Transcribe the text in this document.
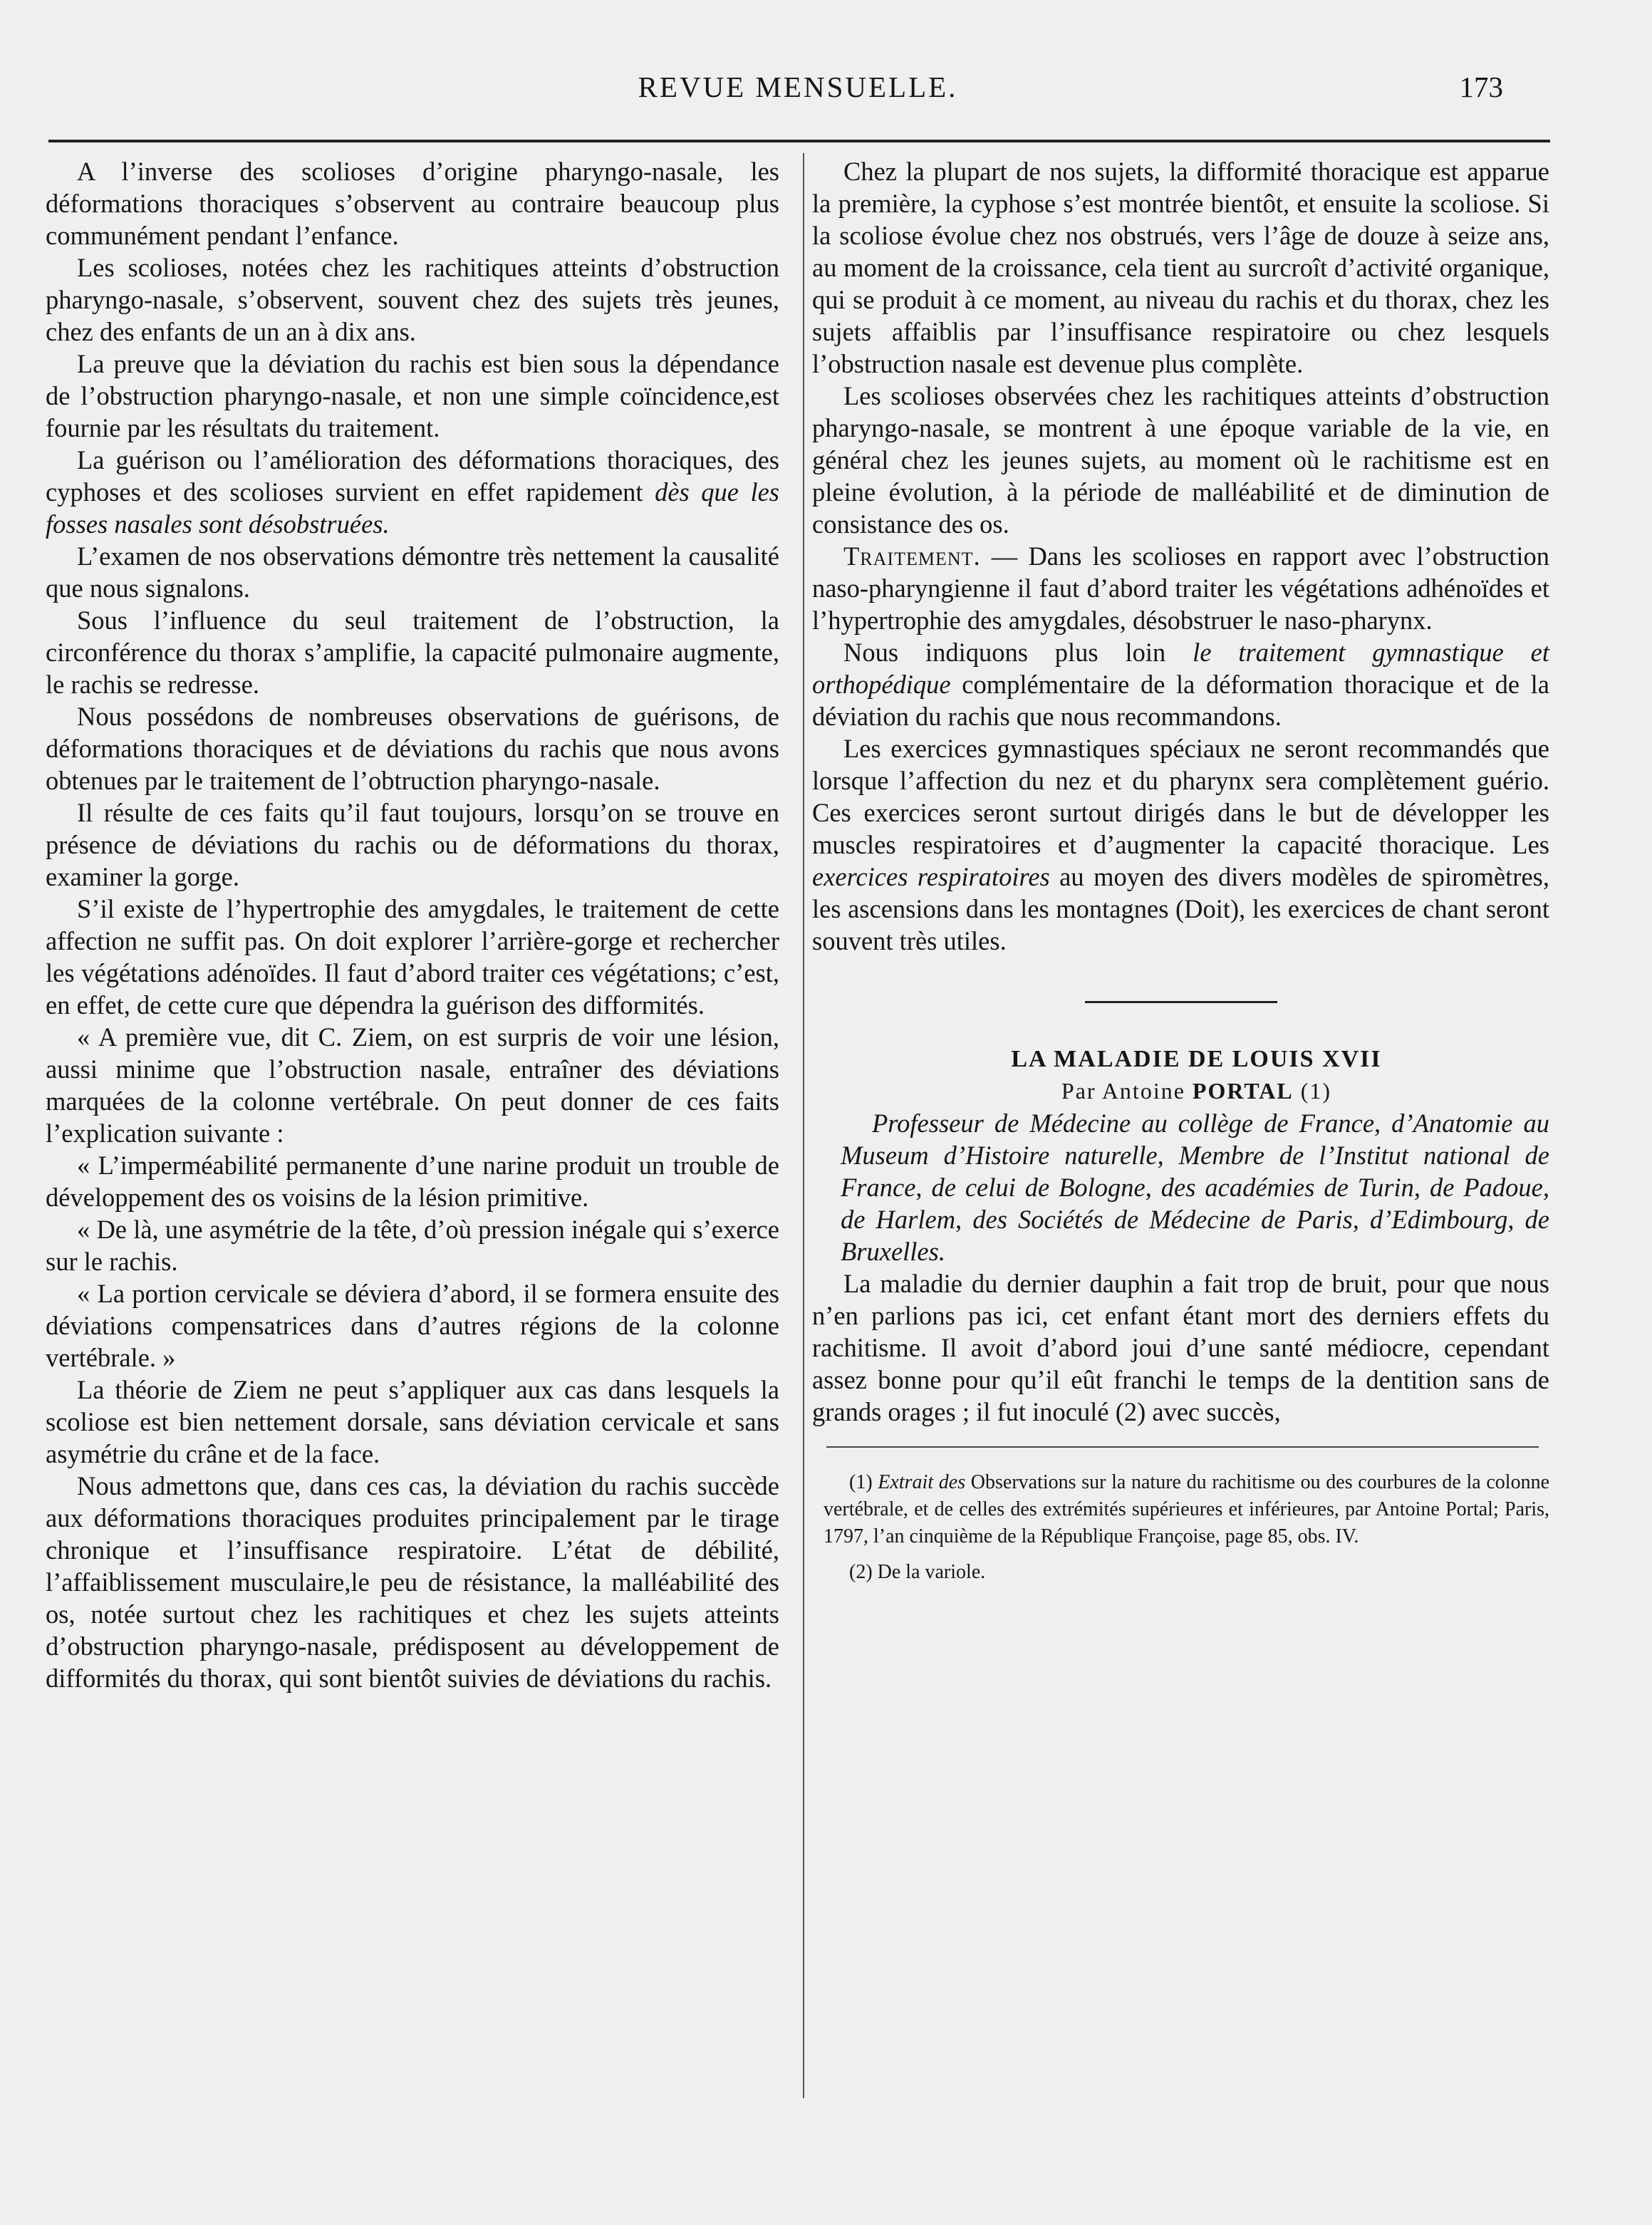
REVUE MENSUELLE.	173

A l’inverse des scolioses d’origine pharyngo-nasale, les déformations thoraciques s’observent au contraire beaucoup plus communément pendant l’enfance.

Les scolioses, notées chez les rachitiques atteints d’obstruction pharyngo-nasale, s’observent, souvent chez des sujets très jeunes, chez des enfants de un an à dix ans.

La preuve que la déviation du rachis est bien sous la dépendance de l’obstruction pharyngo-nasale, et non une simple coïncidence,est fournie par les résultats du traitement.

La guérison ou l’amélioration des déformations thoraciques, des cyphoses et des scolioses survient en effet rapidement dès que les fosses nasales sont désobstruées.

L’examen de nos observations démontre très nettement la causalité que nous signalons.

Sous l’influence du seul traitement de l’obstruction, la circonférence du thorax s’amplifie, la capacité pulmonaire augmente, le rachis se redresse.

Nous possédons de nombreuses observations de guérisons, de déformations thoraciques et de déviations du rachis que nous avons obtenues par le traitement de l’obtruction pharyngo-nasale.

Il résulte de ces faits qu’il faut toujours, lorsqu’on se trouve en présence de déviations du rachis ou de déformations du thorax, examiner la gorge.

S’il existe de l’hypertrophie des amygdales, le traitement de cette affection ne suffit pas. On doit explorer l’arrière-gorge et rechercher les végétations adénoïdes. Il faut d’abord traiter ces végétations; c’est, en effet, de cette cure que dépendra la guérison des difformités.

« A première vue, dit C. Ziem, on est surpris de voir une lésion, aussi minime que l’obstruction nasale, entraîner des déviations marquées de la colonne vertébrale. On peut donner de ces faits l’explication suivante :

« L’imperméabilité permanente d’une narine produit un trouble de développement des os voisins de la lésion primitive.

« De là, une asymétrie de la tête, d’où pression inégale qui s’exerce sur le rachis.

« La portion cervicale se déviera d’abord, il se formera ensuite des déviations compensatrices dans d’autres régions de la colonne vertébrale. »

La théorie de Ziem ne peut s’appliquer aux cas dans lesquels la scoliose est bien nettement dorsale, sans déviation cervicale et sans asymétrie du crâne et de la face.

Nous admettons que, dans ces cas, la déviation du rachis succède aux déformations thoraciques produites principalement par le tirage chronique et l’insuffisance respiratoire. L’état de débilité, l’affaiblissement musculaire,le peu de résistance, la malléabilité des os, notée surtout chez les rachitiques et chez les sujets atteints d’obstruction pharyngo-nasale, prédisposent au développement de difformités du thorax, qui sont bientôt suivies de déviations du rachis.

Chez la plupart de nos sujets, la difformité thoracique est apparue la première, la cyphose s’est montrée bientôt, et ensuite la scoliose. Si la scoliose évolue chez nos obstrués, vers l’âge de douze à seize ans, au moment de la croissance, cela tient au surcroît d’activité organique, qui se produit à ce moment, au niveau du rachis et du thorax, chez les sujets affaiblis par l’insuffisance respiratoire ou chez lesquels l’obstruction nasale est devenue plus complète.

Les scolioses observées chez les rachitiques atteints d’obstruction pharyngo-nasale, se montrent à une époque variable de la vie, en général chez les jeunes sujets, au moment où le rachitisme est en pleine évolution, à la période de malléabilité et de diminution de consistance des os.

Traitement. — Dans les scolioses en rapport avec l’obstruction naso-pharyngienne il faut d’abord traiter les végétations adhénoïdes et l’hypertrophie des amygdales, désobstruer le naso-pharynx.

Nous indiquons plus loin le traitement gymnastique et orthopédique complémentaire de la déformation thoracique et de la déviation du rachis que nous recommandons.

Les exercices gymnastiques spéciaux ne seront recommandés que lorsque l’affection du nez et du pharynx sera complètement guério. Ces exercices seront surtout dirigés dans le but de développer les muscles respiratoires et d’augmenter la capacité thoracique. Les exercices respiratoires au moyen des divers modèles de spiromètres, les ascensions dans les montagnes (Doit), les exercices de chant seront souvent très utiles.

LA MALADIE DE LOUIS XVII

Par Antoine PORTAL (1)

Professeur de Médecine au collège de France, d’Anatomie au Museum d’Histoire naturelle, Membre de l’Institut national de France, de celui de Bologne, des académies de Turin, de Padoue, de Harlem, des Sociétés de Médecine de Paris, d’Edimbourg, de Bruxelles.

La maladie du dernier dauphin a fait trop de bruit, pour que nous n’en parlions pas ici, cet enfant étant mort des derniers effets du rachitisme. Il avoit d’abord joui d’une santé médiocre, cependant assez bonne pour qu’il eût franchi le temps de la dentition sans de grands orages ; il fut inoculé (2) avec succès,

(1) Extrait des Observations sur la nature du rachitisme ou des courbures de la colonne vertébrale, et de celles des extrémités supérieures et inférieures, par Antoine Portal; Paris, 1797, l’an cinquième de la République Françoise, page 85, obs. IV.

(2) De la variole.
